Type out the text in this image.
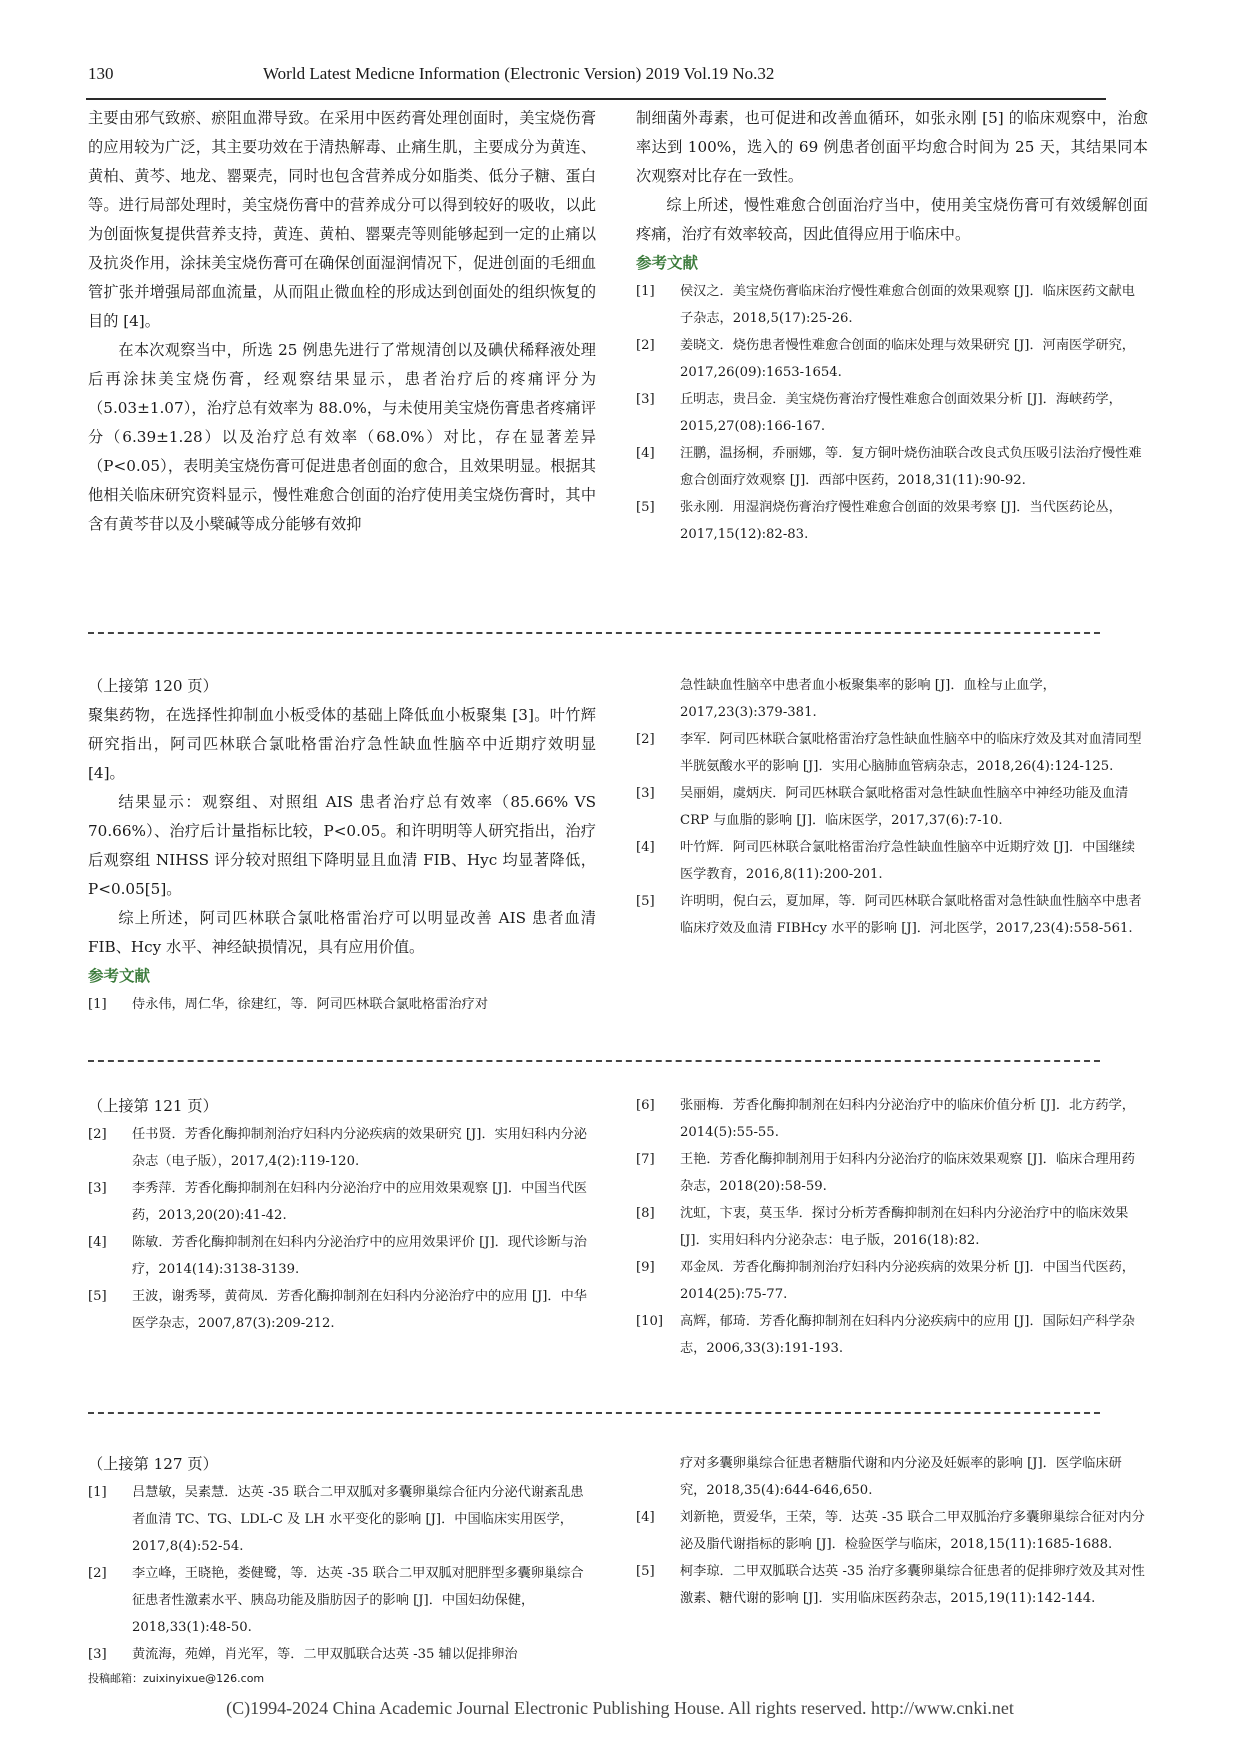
130	World Latest Medicne Information (Electronic Version) 2019 Vol.19 No.32

主要由邪气致瘀、瘀阻血滞导致。在采用中医药膏处理创面时，美宝烧伤膏的应用较为广泛，其主要功效在于清热解毒、止痛生肌，主要成分为黄连、黄柏、黄芩、地龙、罂粟壳，同时也包含营养成分如脂类、低分子糖、蛋白等。进行局部处理时，美宝烧伤膏中的营养成分可以得到较好的吸收，以此为创面恢复提供营养支持，黄连、黄柏、罂粟壳等则能够起到一定的止痛以及抗炎作用，涂抹美宝烧伤膏可在确保创面湿润情况下，促进创面的毛细血管扩张并增强局部血流量，从而阻止微血栓的形成达到创面处的组织恢复的目的 [4]。

在本次观察当中，所选 25 例患先进行了常规清创以及碘伏稀释液处理后再涂抹美宝烧伤膏，经观察结果显示，患者治疗后的疼痛评分为（5.03±1.07），治疗总有效率为 88.0%，与未使用美宝烧伤膏患者疼痛评分（6.39±1.28）以及治疗总有效率（68.0%）对比，存在显著差异（P<0.05），表明美宝烧伤膏可促进患者创面的愈合，且效果明显。根据其他相关临床研究资料显示，慢性难愈合创面的治疗使用美宝烧伤膏时，其中含有黄芩苷以及小檗碱等成分能够有效抑

制细菌外毒素，也可促进和改善血循环，如张永刚 [5] 的临床观察中，治愈率达到 100%，选入的 69 例患者创面平均愈合时间为 25 天，其结果同本次观察对比存在一致性。

综上所述，慢性难愈合创面治疗当中，使用美宝烧伤膏可有效缓解创面疼痛，治疗有效率较高，因此值得应用于临床中。

参考文献

[1] 侯汉之．美宝烧伤膏临床治疗慢性难愈合创面的效果观察 [J]．临床医药文献电子杂志，2018,5(17):25-26.

[2] 姜晓文．烧伤患者慢性难愈合创面的临床处理与效果研究 [J]．河南医学研究，2017,26(09):1653-1654.

[3] 丘明志，贵吕金．美宝烧伤膏治疗慢性难愈合创面效果分析 [J]．海峡药学，2015,27(08):166-167.

[4] 汪鹏，温扬桐，乔丽娜，等．复方铜叶烧伤油联合改良式负压吸引法治疗慢性难愈合创面疗效观察 [J]．西部中医药，2018,31(11):90-92.

[5] 张永刚．用湿润烧伤膏治疗慢性难愈合创面的效果考察 [J]．当代医药论丛，2017,15(12):82-83.

（上接第 120 页）

聚集药物，在选择性抑制血小板受体的基础上降低血小板聚集 [3]。叶竹辉研究指出，阿司匹林联合氯吡格雷治疗急性缺血性脑卒中近期疗效明显 [4]。

结果显示：观察组、对照组 AIS 患者治疗总有效率（85.66% VS 70.66%）、治疗后计量指标比较，P<0.05。和许明明等人研究指出，治疗后观察组 NIHSS 评分较对照组下降明显且血清 FIB、Hyc 均显著降低，P<0.05[5]。

综上所述，阿司匹林联合氯吡格雷治疗可以明显改善 AIS 患者血清 FIB、Hcy 水平、神经缺损情况，具有应用价值。

参考文献

[1] 侍永伟，周仁华，徐建红，等．阿司匹林联合氯吡格雷治疗对

急性缺血性脑卒中患者血小板聚集率的影响 [J]．血栓与止血学，2017,23(3):379-381.

[2] 李军．阿司匹林联合氯吡格雷治疗急性缺血性脑卒中的临床疗效及其对血清同型半胱氨酸水平的影响 [J]．实用心脑肺血管病杂志，2018,26(4):124-125.

[3] 吴丽娟，虞炳庆．阿司匹林联合氯吡格雷对急性缺血性脑卒中神经功能及血清 CRP 与血脂的影响 [J]．临床医学，2017,37(6):7-10.

[4] 叶竹辉．阿司匹林联合氯吡格雷治疗急性缺血性脑卒中近期疗效 [J]．中国继续医学教育，2016,8(11):200-201.

[5] 许明明，倪白云，夏加犀，等．阿司匹林联合氯吡格雷对急性缺血性脑卒中患者临床疗效及血清 FIBHcy 水平的影响 [J]．河北医学，2017,23(4):558-561.

（上接第 121 页）

[2] 任书贤．芳香化酶抑制剂治疗妇科内分泌疾病的效果研究 [J]．实用妇科内分泌杂志（电子版），2017,4(2):119-120.

[3] 李秀萍．芳香化酶抑制剂在妇科内分泌治疗中的应用效果观察 [J]．中国当代医药，2013,20(20):41-42.

[4] 陈敏．芳香化酶抑制剂在妇科内分泌治疗中的应用效果评价 [J]．现代诊断与治疗，2014(14):3138-3139.

[5] 王波，谢秀琴，黄荷凤．芳香化酶抑制剂在妇科内分泌治疗中的应用 [J]．中华医学杂志，2007,87(3):209-212.

[6] 张丽梅．芳香化酶抑制剂在妇科内分泌治疗中的临床价值分析 [J]．北方药学，2014(5):55-55.

[7] 王艳．芳香化酶抑制剂用于妇科内分泌治疗的临床效果观察 [J]．临床合理用药杂志，2018(20):58-59.

[8] 沈虹，卞衷，莫玉华．探讨分析芳香酶抑制剂在妇科内分泌治疗中的临床效果 [J]．实用妇科内分泌杂志：电子版，2016(18):82.

[9] 邓金凤．芳香化酶抑制剂治疗妇科内分泌疾病的效果分析 [J]．中国当代医药，2014(25):75-77.

[10] 高辉，郁琦．芳香化酶抑制剂在妇科内分泌疾病中的应用 [J]．国际妇产科学杂志，2006,33(3):191-193.

（上接第 127 页）

[1] 吕慧敏，吴素慧．达英 -35 联合二甲双胍对多囊卵巢综合征内分泌代谢紊乱患者血清 TC、TG、LDL-C 及 LH 水平变化的影响 [J]．中国临床实用医学，2017,8(4):52-54.

[2] 李立峰，王晓艳，娄健鹭，等．达英 -35 联合二甲双胍对肥胖型多囊卵巢综合征患者性激素水平、胰岛功能及脂肪因子的影响 [J]．中国妇幼保健，2018,33(1):48-50.

[3] 黄流海，苑婵，肖光军，等．二甲双胍联合达英 -35 辅以促排卵治

疗对多囊卵巢综合征患者糖脂代谢和内分泌及妊娠率的影响 [J]．医学临床研究，2018,35(4):644-646,650.

[4] 刘新艳，贾爱华，王荣，等．达英 -35 联合二甲双胍治疗多囊卵巢综合征对内分泌及脂代谢指标的影响 [J]．检验医学与临床，2018,15(11):1685-1688.

[5] 柯李琼．二甲双胍联合达英 -35 治疗多囊卵巢综合征患者的促排卵疗效及其对性激素、糖代谢的影响 [J]．实用临床医药杂志，2015,19(11):142-144.

投稿邮箱：zuixinyixue@126.com
(C)1994-2024 China Academic Journal Electronic Publishing House. All rights reserved. http://www.cnki.net
